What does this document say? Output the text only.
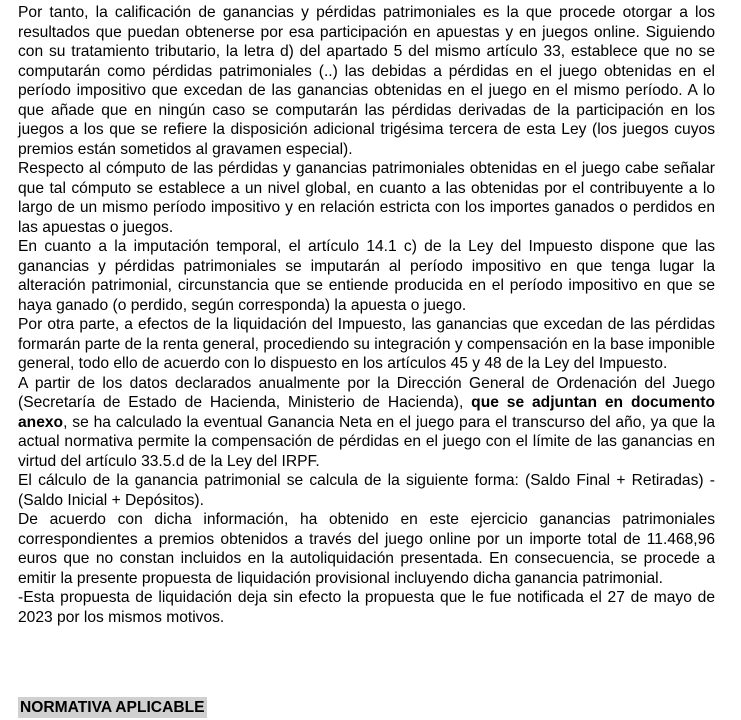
Por tanto, la calificación de ganancias y pérdidas patrimoniales es la que procede otorgar a los resultados que puedan obtenerse por esa participación en apuestas y en juegos online. Siguiendo con su tratamiento tributario, la letra d) del apartado 5 del mismo artículo 33, establece que no se computarán como pérdidas patrimoniales (..) las debidas a pérdidas en el juego obtenidas en el período impositivo que excedan de las ganancias obtenidas en el juego en el mismo período. A lo que añade que en ningún caso se computarán las pérdidas derivadas de la participación en los juegos a los que se refiere la disposición adicional trigésima tercera de esta Ley (los juegos cuyos premios están sometidos al gravamen especial).

Respecto al cómputo de las pérdidas y ganancias patrimoniales obtenidas en el juego cabe señalar que tal cómputo se establece a un nivel global, en cuanto a las obtenidas por el contribuyente a lo largo de un mismo período impositivo y en relación estricta con los importes ganados o perdidos en las apuestas o juegos.

En cuanto a la imputación temporal, el artículo 14.1 c) de la Ley del Impuesto dispone que las ganancias y pérdidas patrimoniales se imputarán al período impositivo en que tenga lugar la alteración patrimonial, circunstancia que se entiende producida en el período impositivo en que se haya ganado (o perdido, según corresponda) la apuesta o juego.

Por otra parte, a efectos de la liquidación del Impuesto, las ganancias que excedan de las pérdidas formarán parte de la renta general, procediendo su integración y compensación en la base imponible general, todo ello de acuerdo con lo dispuesto en los artículos 45 y 48 de la Ley del Impuesto.

A partir de los datos declarados anualmente por la Dirección General de Ordenación del Juego (Secretaría de Estado de Hacienda, Ministerio de Hacienda), que se adjuntan en documento anexo, se ha calculado la eventual Ganancia Neta en el juego para el transcurso del año, ya que la actual normativa permite la compensación de pérdidas en el juego con el límite de las ganancias en virtud del artículo 33.5.d de la Ley del IRPF.

El cálculo de la ganancia patrimonial se calcula de la siguiente forma: (Saldo Final + Retiradas) - (Saldo Inicial + Depósitos).

De acuerdo con dicha información, ha obtenido en este ejercicio ganancias patrimoniales correspondientes a premios obtenidos a través del juego online por un importe total de 11.468,96 euros que no constan incluidos en la autoliquidación presentada. En consecuencia, se procede a emitir la presente propuesta de liquidación provisional incluyendo dicha ganancia patrimonial.

-Esta propuesta de liquidación deja sin efecto la propuesta que le fue notificada el 27 de mayo de 2023 por los mismos motivos.

NORMATIVA APLICABLE
